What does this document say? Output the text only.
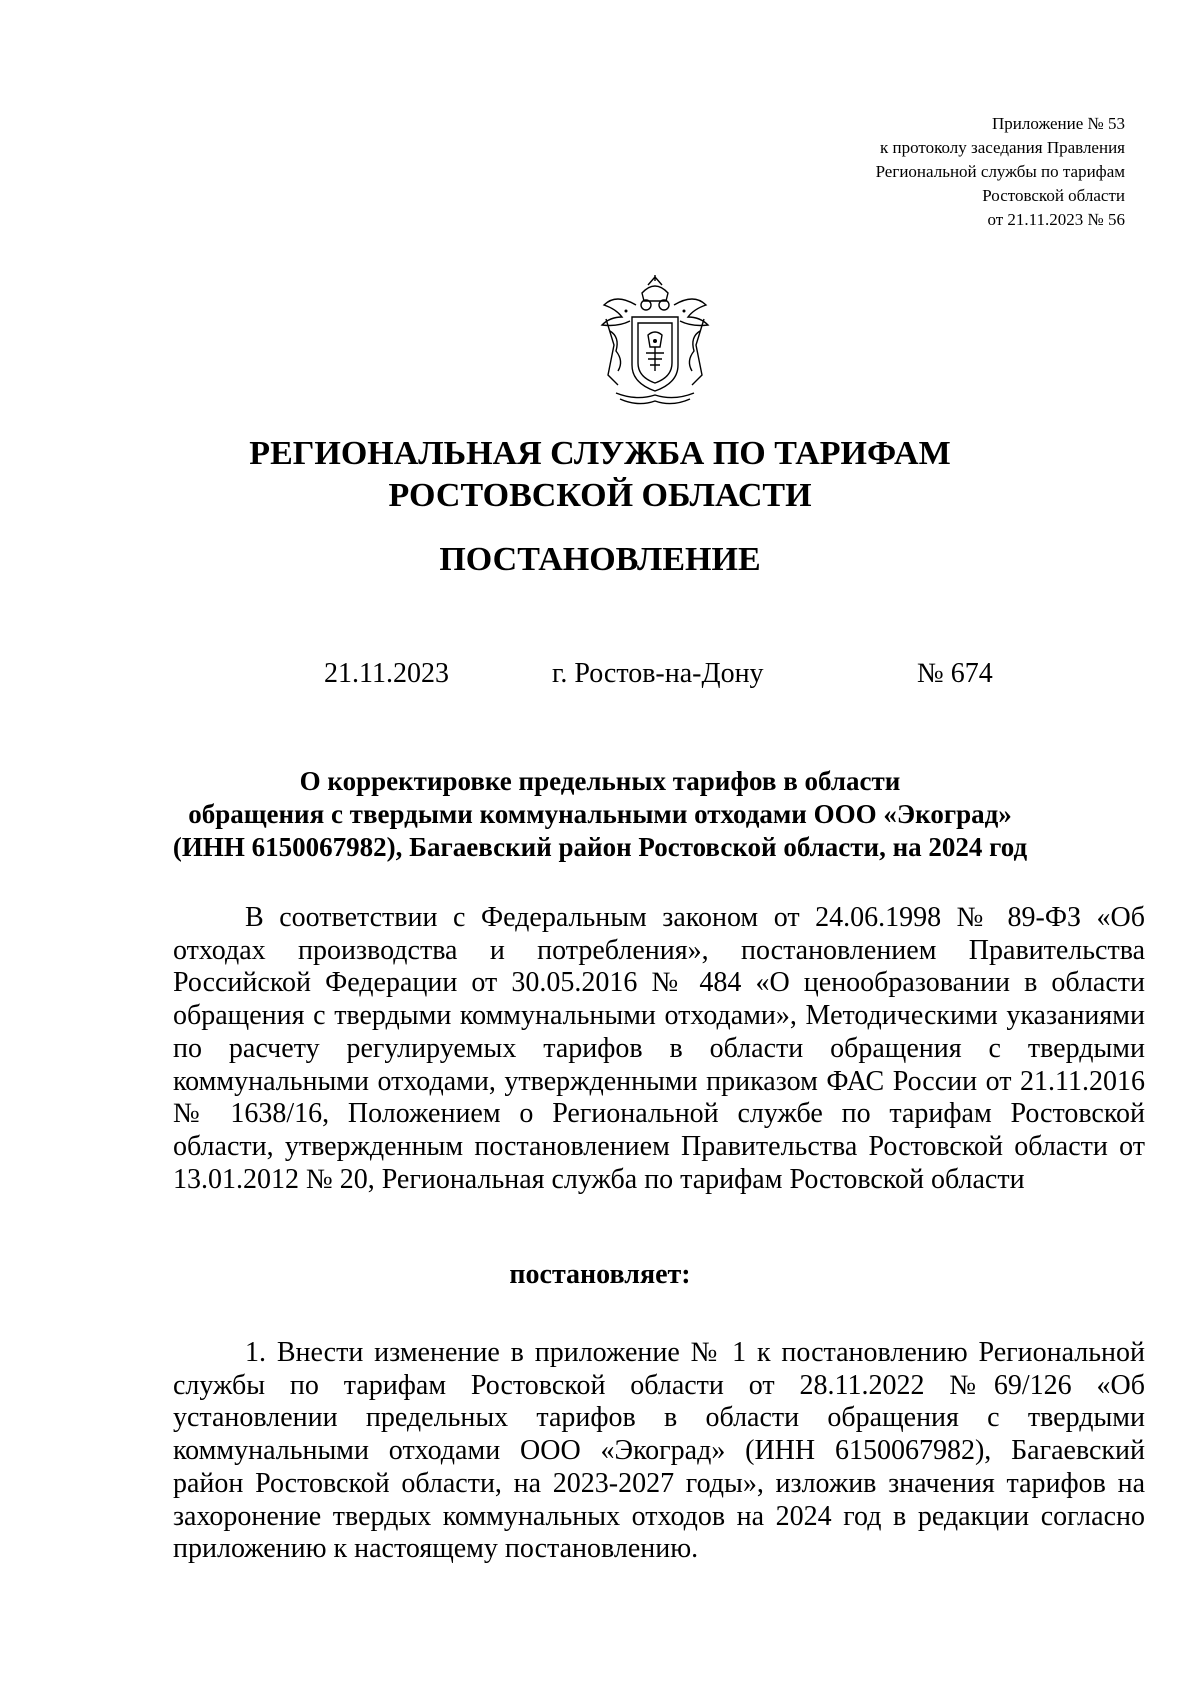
Приложение № 53
к протоколу заседания Правления
Региональной службы по тарифам
Ростовской области
от 21.11.2023 № 56
РЕГИОНАЛЬНАЯ СЛУЖБА ПО ТАРИФАМ
РОСТОВСКОЙ ОБЛАСТИ
ПОСТАНОВЛЕНИЕ
21.11.2023	г. Ростов-на-Дону	№ 674
О корректировке предельных тарифов в области
обращения с твердыми коммунальными отходами ООО «Экоград»
(ИНН 6150067982), Багаевский район Ростовской области, на 2024 год

В соответствии с Федеральным законом от 24.06.1998 № 89-ФЗ «Об отходах производства и потребления», постановлением Правительства Российской Федерации от 30.05.2016 № 484 «О ценообразовании в области обращения с твердыми коммунальными отходами», Методическими указаниями по расчету регулируемых тарифов в области обращения с твердыми коммунальными отходами, утвержденными приказом ФАС России от 21.11.2016 № 1638/16, Положением о Региональной службе по тарифам Ростовской области, утвержденным постановлением Правительства Ростовской области от 13.01.2012 № 20, Региональная служба по тарифам Ростовской области

постановляет:

1. Внести изменение в приложение № 1 к постановлению Региональной службы по тарифам Ростовской области от 28.11.2022 №69/126 «Об установлении предельных тарифов в области обращения с твердыми коммунальными отходами ООО «Экоград» (ИНН 6150067982), Багаевский район Ростовской области, на 2023-2027 годы», изложив значения тарифов на захоронение твердых коммунальных отходов на 2024 год в редакции согласно приложению к настоящему постановлению.
